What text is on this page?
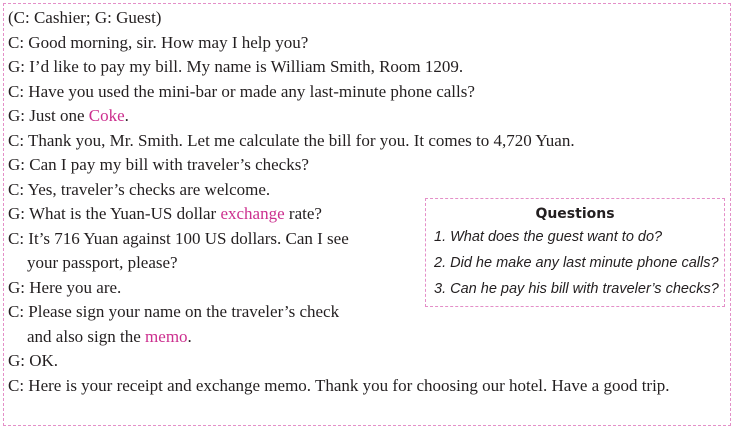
(C: Cashier; G: Guest)
C: Good morning, sir. How may I help you?
G: I’d like to pay my bill. My name is William Smith, Room 1209.
C: Have you used the mini-bar or made any last-minute phone calls?
G: Just one Coke.
C: Thank you, Mr. Smith. Let me calculate the bill for you. It comes to 4,720 Yuan.
G: Can I pay my bill with traveler’s checks?
C: Yes, traveler’s checks are welcome.
G: What is the Yuan-US dollar exchange rate?
C: It’s 716 Yuan against 100 US dollars. Can I see
your passport, please?
G: Here you are.
C: Please sign your name on the traveler’s check
and also sign the memo.
G: OK.
C: Here is your receipt and exchange memo. Thank you for choosing our hotel. Have a good trip.
Questions
1. What does the guest want to do?
2. Did he make any last minute phone calls?
3. Can he pay his bill with traveler’s checks?
